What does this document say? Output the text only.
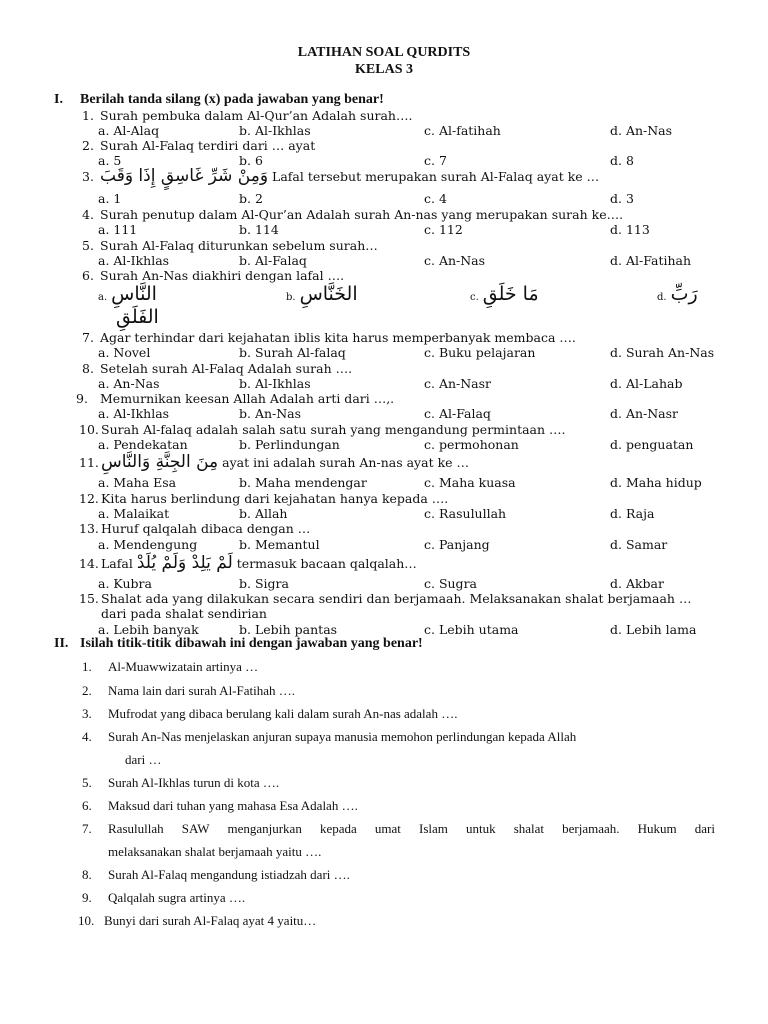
LATIHAN SOAL QURDITS
KELAS 3
I. Berilah tanda silang (x) pada jawaban yang benar!
1. Surah pembuka dalam Al-Qur’an Adalah surah….
a. Al-Alaq	b. Al-Ikhlas	c. Al-fatihah	d. An-Nas
2. Surah Al-Falaq terdiri dari … ayat
a. 5	b. 6	c. 7	d. 8
3. وَمِنْ شَرِّ غَاسِقٍ إِذَا وَقَبَ Lafal tersebut merupakan surah Al-Falaq ayat ke …
a. 1	b. 2	c. 4	d. 3
4. Surah penutup dalam Al-Qur’an Adalah surah An-nas yang merupakan surah ke….
a. 111	b. 114	c. 112	d. 113
5. Surah Al-Falaq diturunkan sebelum surah…
a. Al-Ikhlas	b. Al-Falaq	c. An-Nas	d. Al-Fatihah
6. Surah An-Nas diakhiri dengan lafal ….
a. النَّاسِ	b. الخَنَّاسِ	c. مَا خَلَقِ	d. رَبِّ
الفَلَقِ
7. Agar terhindar dari kejahatan iblis kita harus memperbanyak membaca ….
a. Novel	b. Surah Al-falaq	c. Buku pelajaran	d. Surah An-Nas
8. Setelah surah Al-Falaq Adalah surah ….
a. An-Nas	b. Al-Ikhlas	c. An-Nasr	d. Al-Lahab
9. Memurnikan keesan Allah Adalah arti dari …,.
a. Al-Ikhlas	b. An-Nas	c. Al-Falaq	d. An-Nasr
10. Surah Al-falaq adalah salah satu surah yang mengandung permintaan ….
a. Pendekatan	b. Perlindungan	c. permohonan	d. penguatan
11. مِنَ الجِنَّةِ وَالنَّاسِ ayat ini adalah surah An-nas ayat ke …
a. Maha Esa	b. Maha mendengar	c. Maha kuasa	d. Maha hidup
12. Kita harus berlindung dari kejahatan hanya kepada ….
a. Malaikat	b. Allah	c. Rasulullah	d. Raja
13. Huruf qalqalah dibaca dengan …
a. Mendengung	b. Memantul	c. Panjang	d. Samar
14. Lafal لَمْ يَلِدْ وَلَمْ يُلَدْ termasuk bacaan qalqalah…
a. Kubra	b. Sigra	c. Sugra	d. Akbar
15. Shalat ada yang dilakukan secara sendiri dan berjamaah. Melaksanakan shalat berjamaah …
dari pada shalat sendirian
a. Lebih banyak	b. Lebih pantas	c. Lebih utama	d. Lebih lama
II. Isilah titik-titik dibawah ini dengan jawaban yang benar!
1. Al-Muawwizatain artinya …
2. Nama lain dari surah Al-Fatihah ….
3. Mufrodat yang dibaca berulang kali dalam surah An-nas adalah ….
4. Surah An-Nas menjelaskan anjuran supaya manusia memohon perlindungan kepada Allah
dari …
5. Surah Al-Ikhlas turun di kota ….
6. Maksud dari tuhan yang mahasa Esa Adalah ….
7.	Rasulullah SAW menganjurkan kepada umat Islam untuk shalat berjamaah. Hukum dari
melaksanakan shalat berjamaah yaitu ….
8. Surah Al-Falaq mengandung istiadzah dari ….
9. Qalqalah sugra artinya ….
10. Bunyi dari surah Al-Falaq ayat 4 yaitu…
